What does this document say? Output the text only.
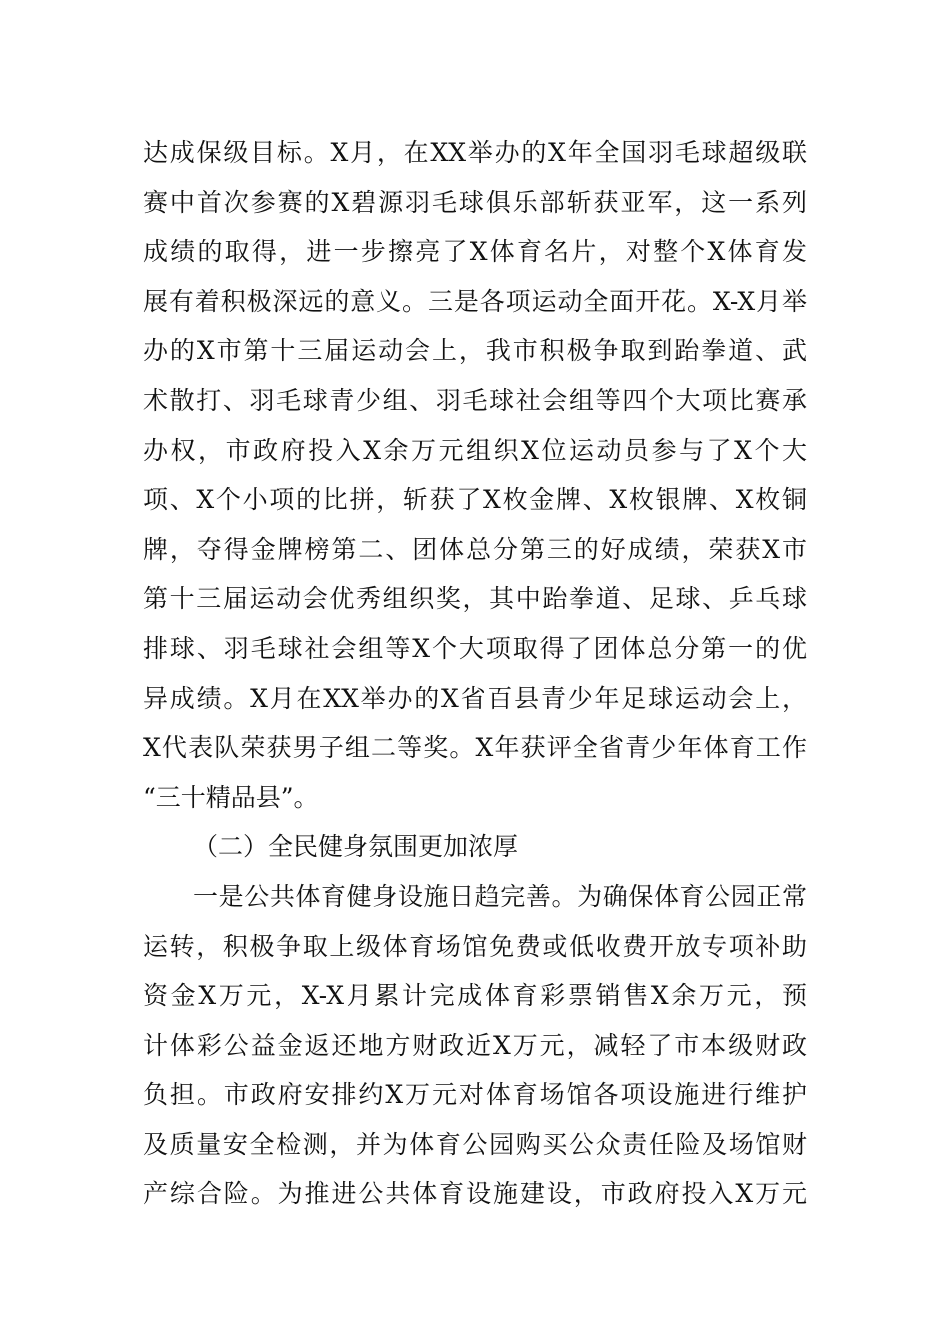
达成保级目标。X月，在XX举办的X年全国羽毛球超级联
赛中首次参赛的X碧源羽毛球俱乐部斩获亚军，这一系列
成绩的取得，进一步擦亮了X体育名片，对整个X体育发
展有着积极深远的意义。三是各项运动全面开花。X-X月举
办的X市第十三届运动会上，我市积极争取到跆拳道、武
术散打、羽毛球青少组、羽毛球社会组等四个大项比赛承
办权，市政府投入X余万元组织X位运动员参与了X个大
项、X个小项的比拼，斩获了X枚金牌、X枚银牌、X枚铜
牌，夺得金牌榜第二、团体总分第三的好成绩，荣获X市
第十三届运动会优秀组织奖，其中跆拳道、足球、乒乓球
排球、羽毛球社会组等X个大项取得了团体总分第一的优
异成绩。X月在XX举办的X省百县青少年足球运动会上，
X代表队荣获男子组二等奖。X年获评全省青少年体育工作
“三十精品县”。
（二）全民健身氛围更加浓厚
一是公共体育健身设施日趋完善。为确保体育公园正常
运转，积极争取上级体育场馆免费或低收费开放专项补助
资金X万元，X-X月累计完成体育彩票销售X余万元，预
计体彩公益金返还地方财政近X万元，减轻了市本级财政
负担。市政府安排约X万元对体育场馆各项设施进行维护
及质量安全检测，并为体育公园购买公众责任险及场馆财
产综合险。为推进公共体育设施建设，市政府投入X万元
